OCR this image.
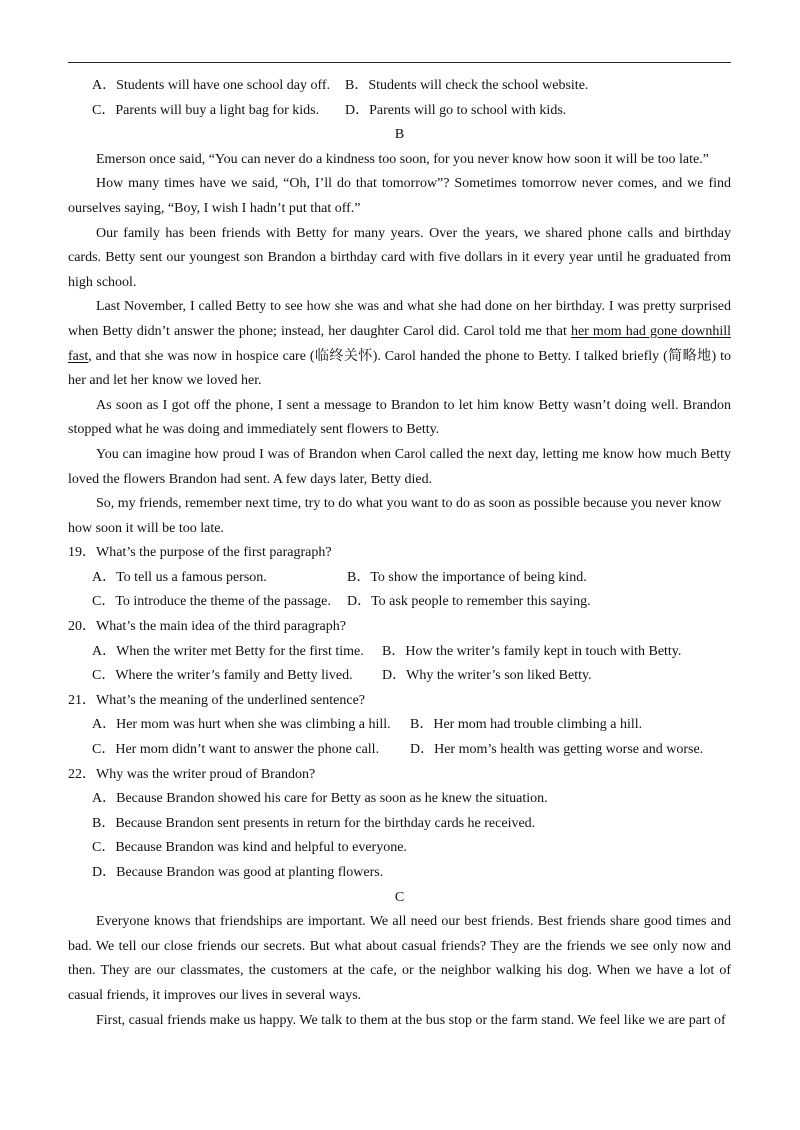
A．Students will have one school day off. B．Students will check the school website.
C．Parents will buy a light bag for kids. D．Parents will go to school with kids.
B

Emerson once said, “You can never do a kindness too soon, for you never know how soon it will be too late.”

How many times have we said, “Oh, I’ll do that tomorrow”? Sometimes tomorrow never comes, and we find ourselves saying, “Boy, I wish I hadn’t put that off.”

Our family has been friends with Betty for many years. Over the years, we shared phone calls and birthday cards. Betty sent our youngest son Brandon a birthday card with five dollars in it every year until he graduated from high school.

Last November, I called Betty to see how she was and what she had done on her birthday. I was pretty surprised when Betty didn’t answer the phone; instead, her daughter Carol did. Carol told me that her mom had gone downhill fast, and that she was now in hospice care (临终关怀). Carol handed the phone to Betty. I talked briefly (简略地) to her and let her know we loved her.

As soon as I got off the phone, I sent a message to Brandon to let him know Betty wasn’t doing well. Brandon stopped what he was doing and immediately sent flowers to Betty.

You can imagine how proud I was of Brandon when Carol called the next day, letting me know how much Betty loved the flowers Brandon had sent. A few days later, Betty died.

So, my friends, remember next time, try to do what you want to do as soon as possible because you never know how soon it will be too late.

19．What’s the purpose of the first paragraph?
A．To tell us a famous person.	B．To show the importance of being kind.
C．To introduce the theme of the passage. D．To ask people to remember this saying.
20．What’s the main idea of the third paragraph?
A．When the writer met Betty for the first time. B．How the writer’s family kept in touch with Betty.
C．Where the writer’s family and Betty lived. D．Why the writer’s son liked Betty.
21．What’s the meaning of the underlined sentence?
A．Her mom was hurt when she was climbing a hill. B．Her mom had trouble climbing a hill.
C．Her mom didn’t want to answer the phone call. D．Her mom’s health was getting worse and worse.
22．Why was the writer proud of Brandon?
A．Because Brandon showed his care for Betty as soon as he knew the situation.
B．Because Brandon sent presents in return for the birthday cards he received.
C．Because Brandon was kind and helpful to everyone.
D．Because Brandon was good at planting flowers.
C

Everyone knows that friendships are important. We all need our best friends. Best friends share good times and bad. We tell our close friends our secrets. But what about casual friends? They are the friends we see only now and then. They are our classmates, the customers at the cafe, or the neighbor walking his dog. When we have a lot of casual friends, it improves our lives in several ways.

First, casual friends make us happy. We talk to them at the bus stop or the farm stand. We feel like we are part of
